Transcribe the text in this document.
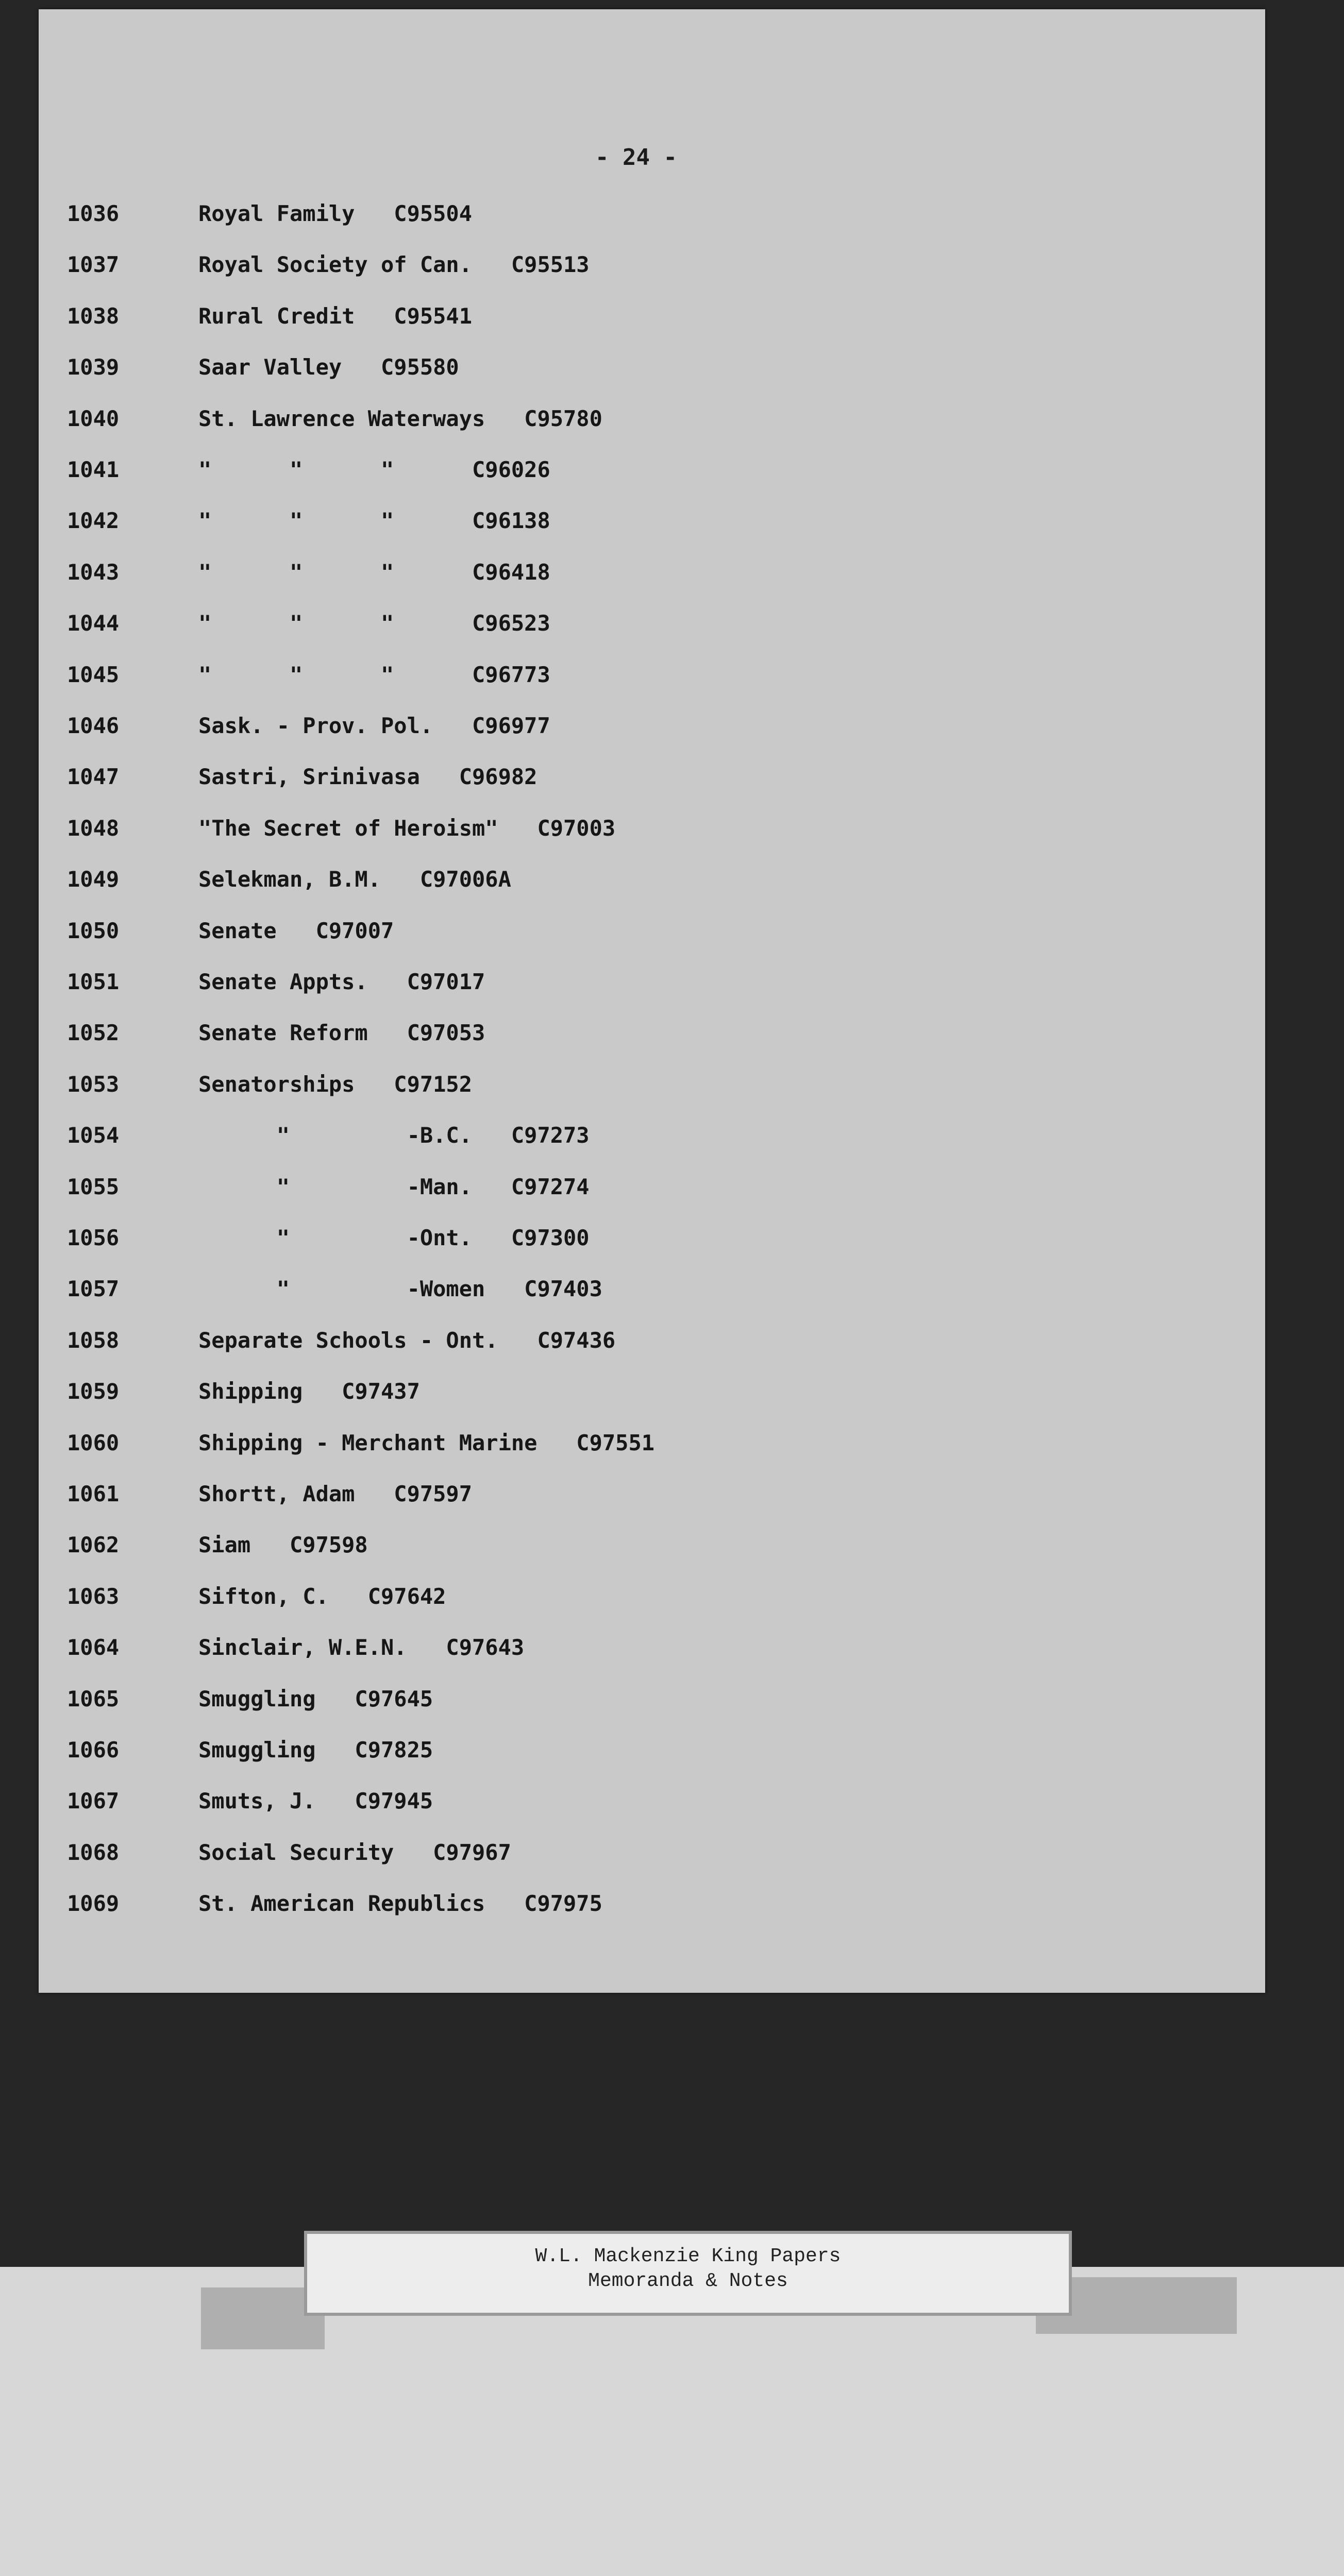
- 24 -
1036	Royal Family   C95504
1037	Royal Society of Can.   C95513
1038	Rural Credit   C95541
1039	Saar Valley   C95580
1040	St. Lawrence Waterways   C95780
1041	"      "      "      C96026
1042	"      "      "      C96138
1043	"      "      "      C96418
1044	"      "      "      C96523
1045	"      "      "      C96773
1046	Sask. - Prov. Pol.   C96977
1047	Sastri, Srinivasa   C96982
1048	"The Secret of Heroism"   C97003
1049	Selekman, B.M.   C97006A
1050	Senate   C97007
1051	Senate Appts.   C97017
1052	Senate Reform   C97053
1053	Senatorships   C97152
1054	"         -B.C.   C97273
1055	"         -Man.   C97274
1056	"         -Ont.   C97300
1057	"         -Women   C97403
1058	Separate Schools - Ont.   C97436
1059	Shipping   C97437
1060	Shipping - Merchant Marine   C97551
1061	Shortt, Adam   C97597
1062	Siam   C97598
1063	Sifton, C.   C97642
1064	Sinclair, W.E.N.   C97643
1065	Smuggling   C97645
1066	Smuggling   C97825
1067	Smuts, J.   C97945
1068	Social Security   C97967
1069	St. American Republics   C97975
W.L. Mackenzie King Papers
Memoranda & Notes
